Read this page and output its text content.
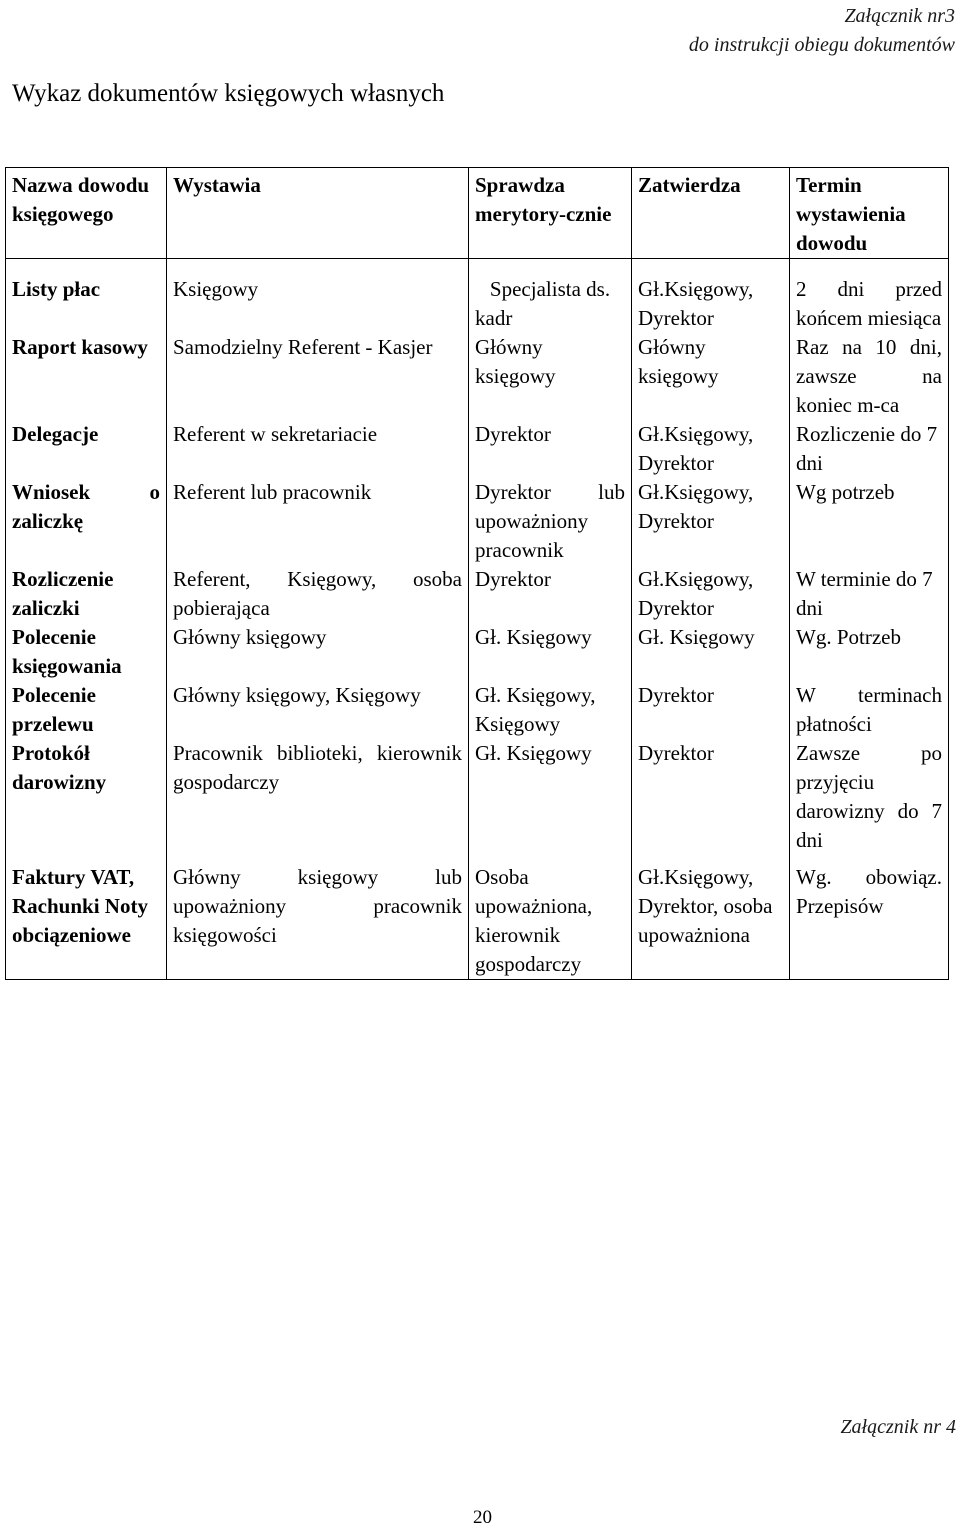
Załącznik nr3
do instrukcji obiegu dokumentów
Wykaz dokumentów księgowych własnych
Nazwa dowodu księgowego	Wystawia	Sprawdza merytory-cznie	Zatwierdza	Termin wystawienia dowodu
Listy płac	Księgowy	Specjalista ds. kadr	Gł.Księgowy, Dyrektor	2 dni przed końcem miesiąca
Raport kasowy	Samodzielny Referent - Kasjer	Główny księgowy	Główny księgowy	Raz na 10 dni, zawsze na koniec m-ca
Delegacje	Referent w sekretariacie	Dyrektor	Gł.Księgowy, Dyrektor	Rozliczenie do 7 dni
Wniosek o zaliczkę	Referent lub pracownik	Dyrektor lub upoważniony pracownik	Gł.Księgowy, Dyrektor	Wg potrzeb
Rozliczenie zaliczki	Referent, Księgowy, osoba pobierająca	Dyrektor	Gł.Księgowy, Dyrektor	W terminie do 7 dni
Polecenie księgowania	Główny księgowy	Gł. Księgowy	Gł. Księgowy	Wg. Potrzeb
Polecenie przelewu	Główny księgowy, Księgowy	Gł. Księgowy, Księgowy	Dyrektor	W terminach płatności
Protokół darowizny	Pracownik biblioteki, kierownik gospodarczy	Gł. Księgowy	Dyrektor	Zawsze po przyjęciu darowizny do 7 dni
Faktury VAT, Rachunki Noty obciązeniowe	Główny księgowy lub upoważniony pracownik księgowości	Osoba upoważniona, kierownik gospodarczy	Gł.Księgowy, Dyrektor, osoba upoważniona	Wg. obowiąz. Przepisów
Załącznik nr 4
20
